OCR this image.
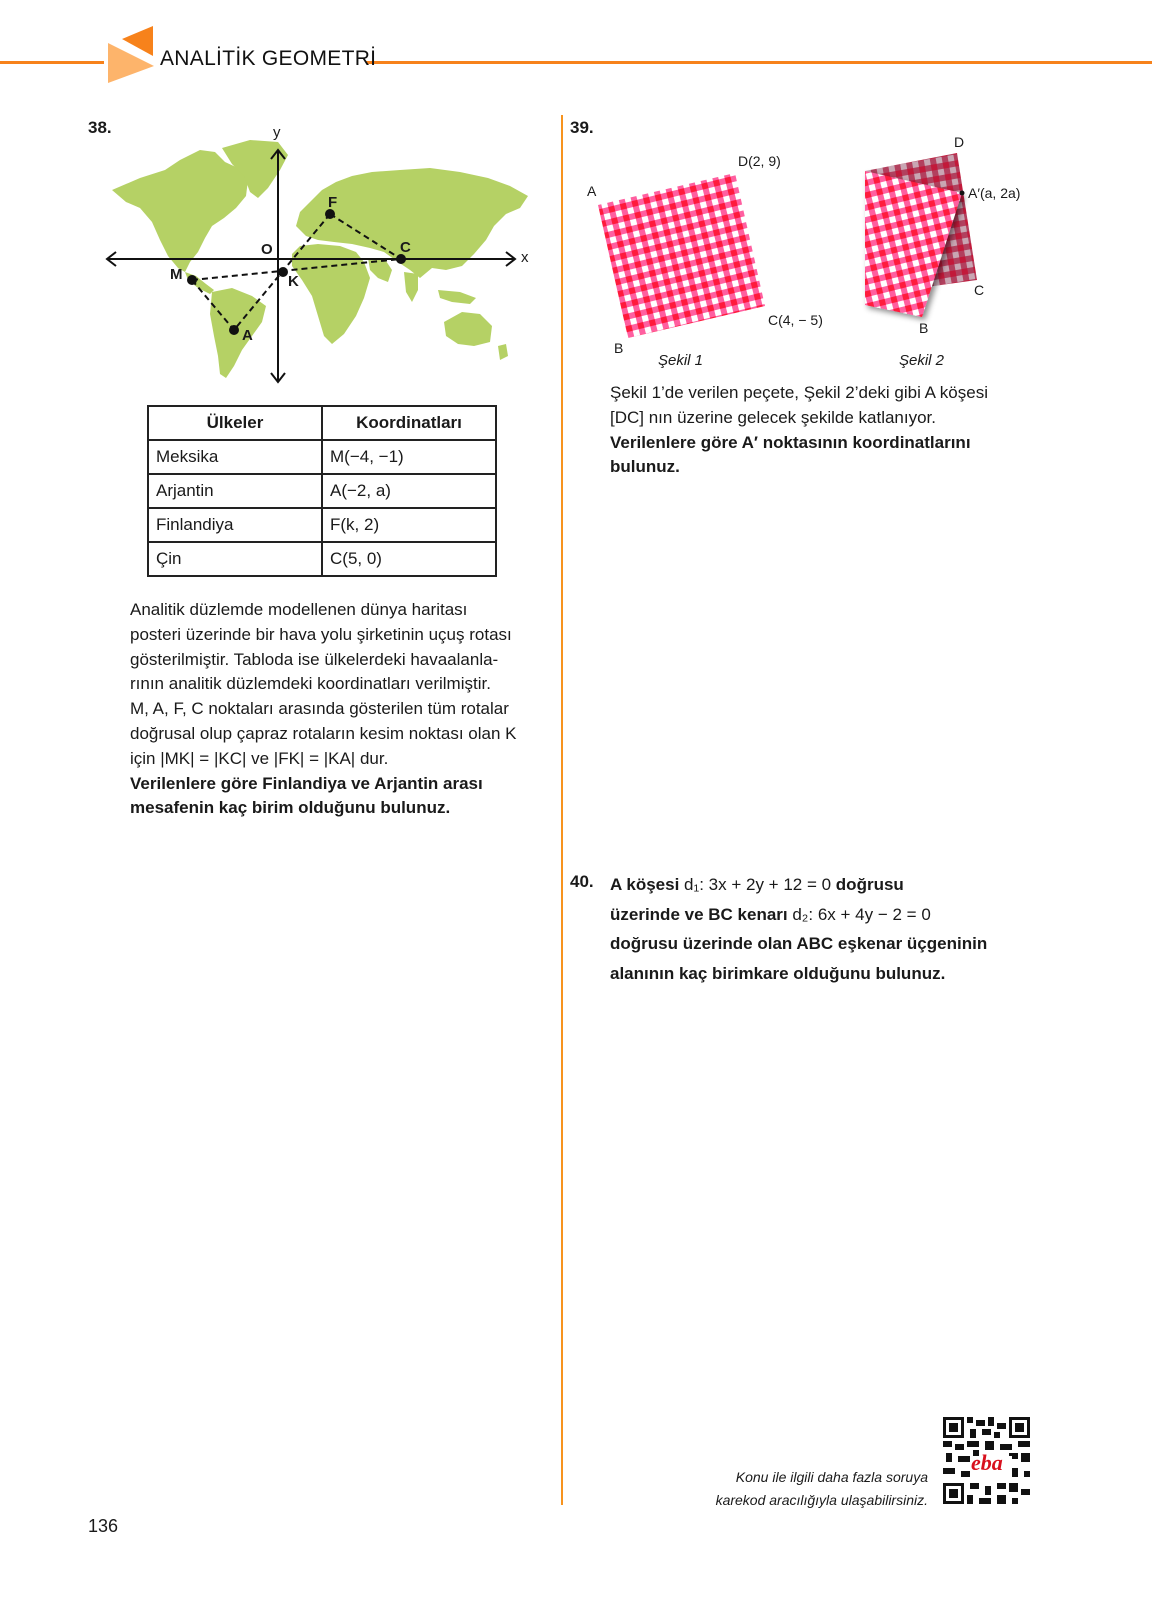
ANALİTİK GEOMETRİ
38.	y
x
O
F
C
K
M
A
Ülkeler	Koordinatları
Meksika	M(−4, −1)
Arjantin	A(−2, a)
Finlandiya	F(k, 2)
Çin	C(5, 0)
Analitik düzlemde modellenen dünya haritası
posteri üzerinde bir hava yolu şirketinin uçuş rotası
gösterilmiştir. Tabloda ise ülkelerdeki havaalanla-
rının analitik düzlemdeki koordinatları verilmiştir.
M, A, F, C noktaları arasında gösterilen tüm rotalar
doğrusal olup çapraz rotaların kesim noktası olan K
için |MK| = |KC| ve |FK| = |KA| dur.
Verilenlere göre Finlandiya ve Arjantin arası
mesafenin kaç birim olduğunu bulunuz.
39.
A
D(2, 9)
C(4, − 5)
B
Şekil 1
D
A′(a, 2a)
C
B
Şekil 2
Şekil 1’de verilen peçete, Şekil 2’deki gibi A köşesi
[DC] nın üzerine gelecek şekilde katlanıyor.
Verilenlere göre A′ noktasının koordinatlarını
bulunuz.
40. A köşesi d₁: 3x + 2y + 12 = 0 doğrusu
üzerinde ve BC kenarı d₂: 6x + 4y − 2 = 0
doğrusu üzerinde olan ABC eşkenar üçgeninin
alanının kaç birimkare olduğunu bulunuz.
Konu ile ilgili daha fazla soruya
karekod aracılığıyla ulaşabilirsiniz.
eba
136
